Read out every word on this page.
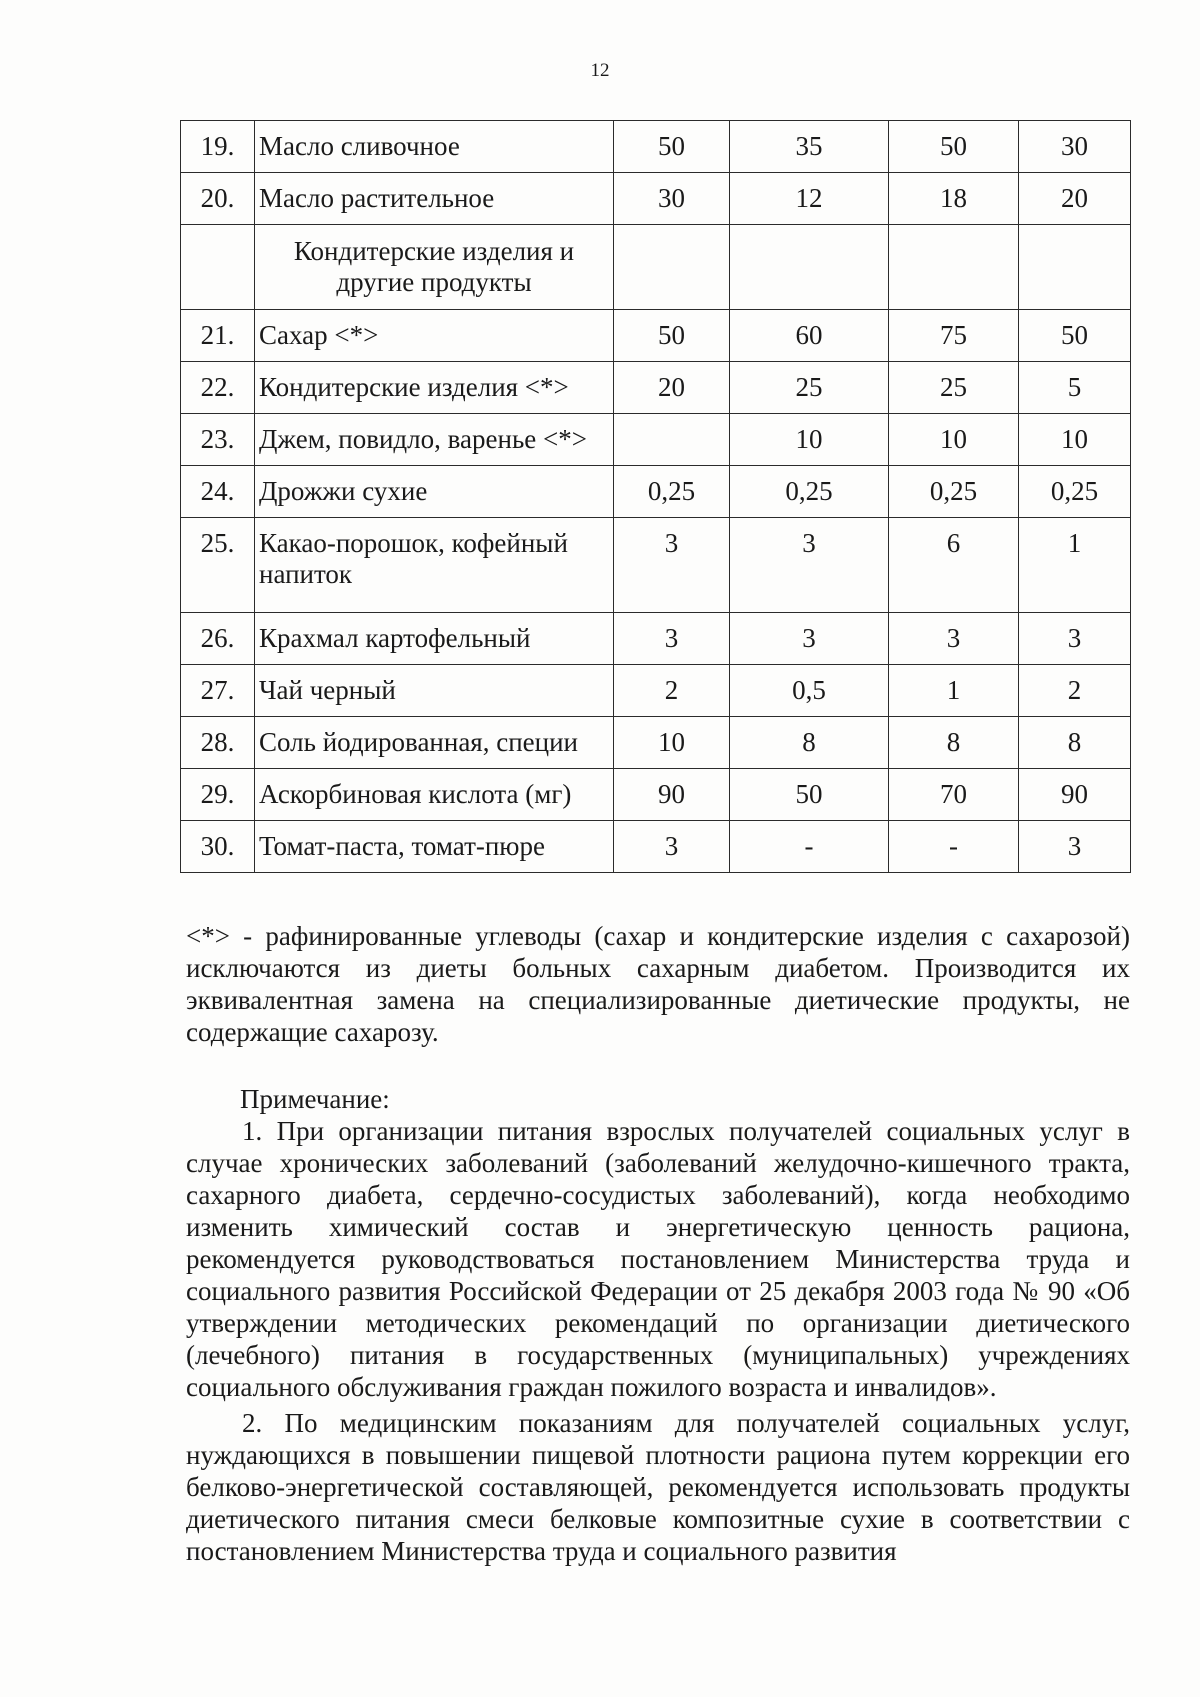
12
19.	Масло сливочное	50	35	50	30
20.	Масло растительное	30	12	18	20
	Кондитерские изделия и другие продукты				
21.	Сахар <*>	50	60	75	50
22.	Кондитерские изделия <*>	20	25	25	5
23.	Джем, повидло, варенье <*>		10	10	10
24.	Дрожжи сухие	0,25	0,25	0,25	0,25
25.	Какао-порошок, кофейный напиток	3	3	6	1
26.	Крахмал картофельный	3	3	3	3
27.	Чай черный	2	0,5	1	2
28.	Соль йодированная, специи	10	8	8	8
29.	Аскорбиновая кислота (мг)	90	50	70	90
30.	Томат-паста, томат-пюре	3	-	-	3
<*> - рафинированные углеводы (сахар и кондитерские изделия с сахарозой) исключаются из диеты больных сахарным диабетом. Производится их эквивалентная замена на специализированные диетические продукты, не содержащие сахарозу.

Примечание:

1. При организации питания взрослых получателей социальных услуг в случае хронических заболеваний (заболеваний желудочно-кишечного тракта, сахарного диабета, сердечно-сосудистых заболеваний), когда необходимо изменить химический состав и энергетическую ценность рациона, рекомендуется руководствоваться постановлением Министерства труда и социального развития Российской Федерации от 25 декабря 2003 года № 90 «Об утверждении методических рекомендаций по организации диетического (лечебного) питания в государственных (муниципальных) учреждениях социального обслуживания граждан пожилого возраста и инвалидов».

2. По медицинским показаниям для получателей социальных услуг, нуждающихся в повышении пищевой плотности рациона путем коррекции его белково-энергетической составляющей, рекомендуется использовать продукты диетического питания смеси белковые композитные сухие в соответствии с постановлением Министерства труда и социального развития
